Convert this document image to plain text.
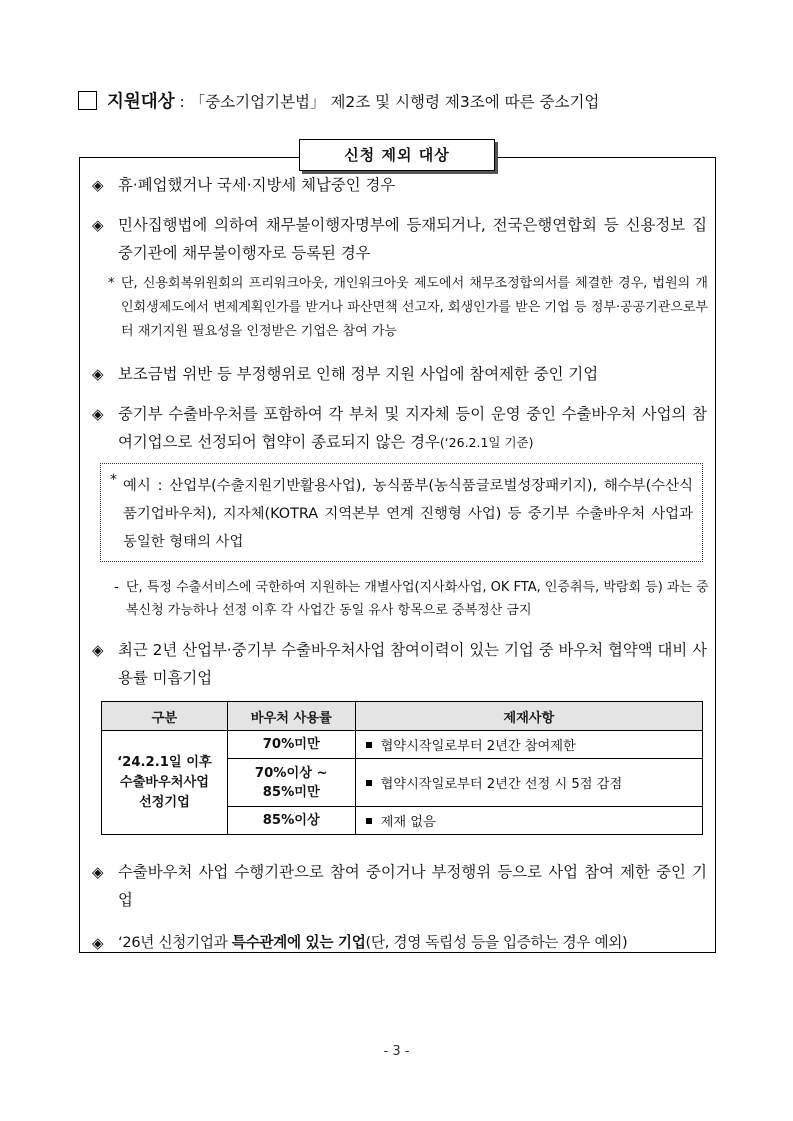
지원대상 : 「중소기업기본법」 제2조 및 시행령 제3조에 따른 중소기업
신청 제외 대상
◈ 휴·폐업했거나 국세·지방세 체납중인 경우
◈ 민사집행법에 의하여 채무불이행자명부에 등재되거나, 전국은행연합회 등 신용정보 집중기관에 채무불이행자로 등록된 경우
* 단, 신용회복위원회의 프리워크아웃, 개인워크아웃 제도에서 채무조정합의서를 체결한 경우, 법원의 개인회생제도에서 변제계획인가를 받거나 파산면책 선고자, 회생인가를 받은 기업 등 정부·공공기관으로부터 재기지원 필요성을 인정받은 기업은 참여 가능
◈ 보조금법 위반 등 부정행위로 인해 정부 지원 사업에 참여제한 중인 기업
◈ 중기부 수출바우처를 포함하여 각 부처 및 지자체 등이 운영 중인 수출바우처 사업의 참여기업으로 선정되어 협약이 종료되지 않은 경우(‘26.2.1일 기준)
* 예시 : 산업부(수출지원기반활용사업), 농식품부(농식품글로벌성장패키지), 해수부(수산식품기업바우처), 지자체(KOTRA 지역본부 연계 진행형 사업) 등 중기부 수출바우처 사업과 동일한 형태의 사업
- 단, 특정 수출서비스에 국한하여 지원하는 개별사업(지사화사업, OK FTA, 인증취득, 박람회 등) 과는 중복신청 가능하나 선정 이후 각 사업간 동일 유사 항목으로 중복정산 금지
◈ 최근 2년 산업부·중기부 수출바우처사업 참여이력이 있는 기업 중 바우처 협약액 대비 사용률 미흡기업
구분	바우처 사용률	제재사항

‘24.2.1일 이후
수출바우처사업
선정기업	70%미만	협약시작일로부터 2년간 참여제한

	70%이상 ~
85%미만	협약시작일로부터 2년간 선정 시 5점 감점

	85%이상	제재 없음
◈ 수출바우처 사업 수행기관으로 참여 중이거나 부정행위 등으로 사업 참여 제한 중인 기업
◈ ‘26년 신청기업과 특수관계에 있는 기업(단, 경영 독립성 등을 입증하는 경우 예외)
- 3 -
